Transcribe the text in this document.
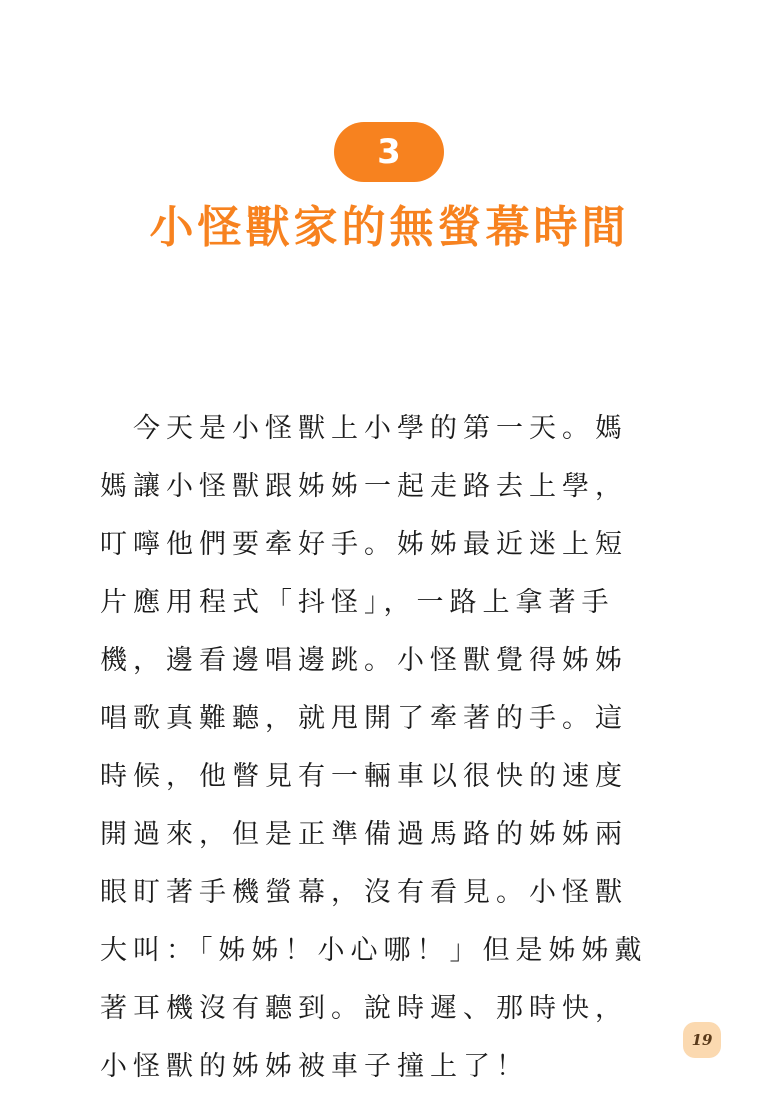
3
小怪獸家的無螢幕時間

　今天是小怪獸上小學的第一天。媽
媽讓小怪獸跟姊姊一起走路去上學，
叮嚀他們要牽好手。姊姊最近迷上短
片應用程式「抖怪」，一路上拿著手
機，邊看邊唱邊跳。小怪獸覺得姊姊
唱歌真難聽，就甩開了牽著的手。這
時候，他瞥見有一輛車以很快的速度
開過來，但是正準備過馬路的姊姊兩
眼盯著手機螢幕，沒有看見。小怪獸
大叫：「姊姊！小心哪！」但是姊姊戴
著耳機沒有聽到。說時遲、那時快，
小怪獸的姊姊被車子撞上了！

19
